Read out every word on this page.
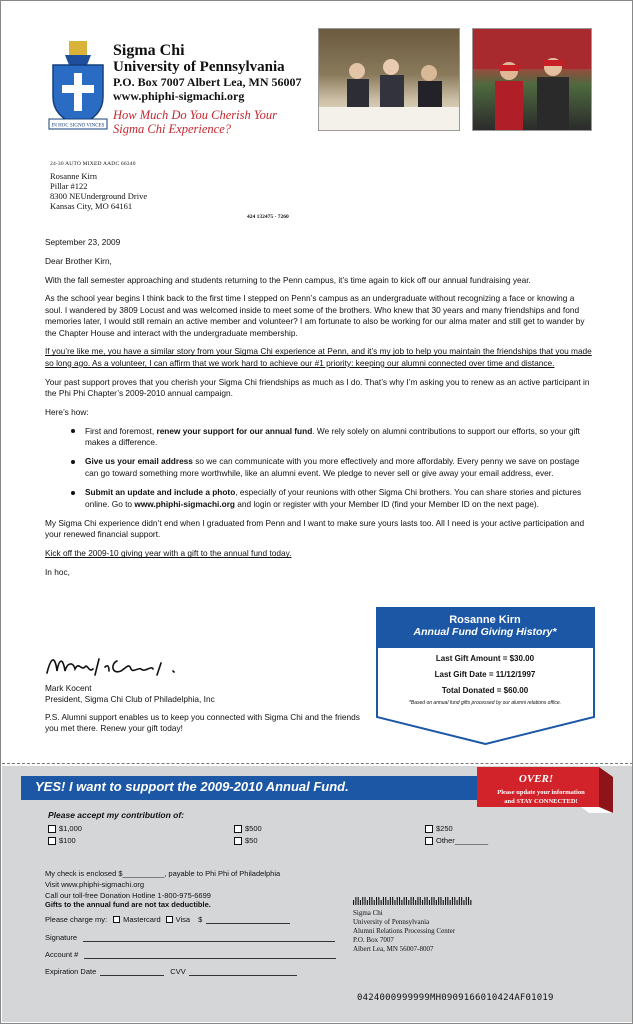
IN HOC SIGNO VINCES
Sigma Chi
University of Pennsylvania
P.O. Box 7007 Albert Lea, MN 56007
www.phiphi-sigmachi.org
How Much Do You Cherish Your
Sigma Chi Experience?
24-30 AUTO MIXED AADC 66340
Rosanne Kirn
Pillar #122
8300 NEUnderground Drive
Kansas City, MO 64161
424 132475 - 7260

September 23, 2009

Dear Brother Kirn,

With the fall semester approaching and students returning to the Penn campus, it’s time again to kick off our annual fundraising year.

As the school year begins I think back to the first time I stepped on Penn’s campus as an undergraduate without recognizing a face or knowing a soul. I wandered by 3809 Locust and was welcomed inside to meet some of the brothers. Who knew that 30 years and many friendships and fond memories later, I would still remain an active member and volunteer? I am fortunate to also be working for our alma mater and still get to wander by the Chapter House and interact with the undergraduate membership.

If you’re like me, you have a similar story from your Sigma Chi experience at Penn, and it’s my job to help you maintain the friendships that you made so long ago. As a volunteer, I can affirm that we work hard to achieve our #1 priority: keeping our alumni connected over time and distance.

Your past support proves that you cherish your Sigma Chi friendships as much as I do. That’s why I’m asking you to renew as an active participant in the Phi Phi Chapter’s 2009-2010 annual campaign.

Here’s how:

First and foremost, renew your support for our annual fund. We rely solely on alumni contributions to support our efforts, so your gift makes a difference.
Give us your email address so we can communicate with you more effectively and more affordably. Every penny we save on postage can go toward something more worthwhile, like an alumni event. We pledge to never sell or give away your email address, ever.
Submit an update and include a photo, especially of your reunions with other Sigma Chi brothers. You can share stories and pictures online. Go to www.phiphi-sigmachi.org and login or register with your Member ID (find your Member ID on the next page).

My Sigma Chi experience didn’t end when I graduated from Penn and I want to make sure yours lasts too. All I need is your active participation and your renewed financial support.

Kick off the 2009-10 giving year with a gift to the annual fund today.

In hoc,

Mark Kocent

President, Sigma Chi Club of Philadelphia, Inc

P.S. Alumni support enables us to keep you connected with Sigma Chi and the friends you met there. Renew your gift today!

Rosanne Kirn
Annual Fund Giving History*
Last Gift Amount = $30.00
Last Gift Date = 11/12/1997
Total Donated = $60.00
*Based on annual fund gifts processed by our alumni relations office.
YES! I want to support the 2009-2010 Annual Fund.	OVER!
Please update your information
and STAY CONNECTED!
Please accept my contribution of:
$1,000	$500	$250
$100	$50	Other________
My check is enclosed $__________, payable to Phi Phi of Philadelphia
Visit www.phiphi-sigmachi.org
Call our toll-free Donation Hotline 1-800-975-6699
Gifts to the annual fund are not tax deductible.
Please charge my: Mastercard Visa $
Signature
Account #
Expiration Date	CVV
Sigma Chi
University of Pennsylvania
Alumni Relations Processing Center
P.O. Box 7007
Albert Lea, MN 56007-8007
0424000999999MH0909166010424AF01019
